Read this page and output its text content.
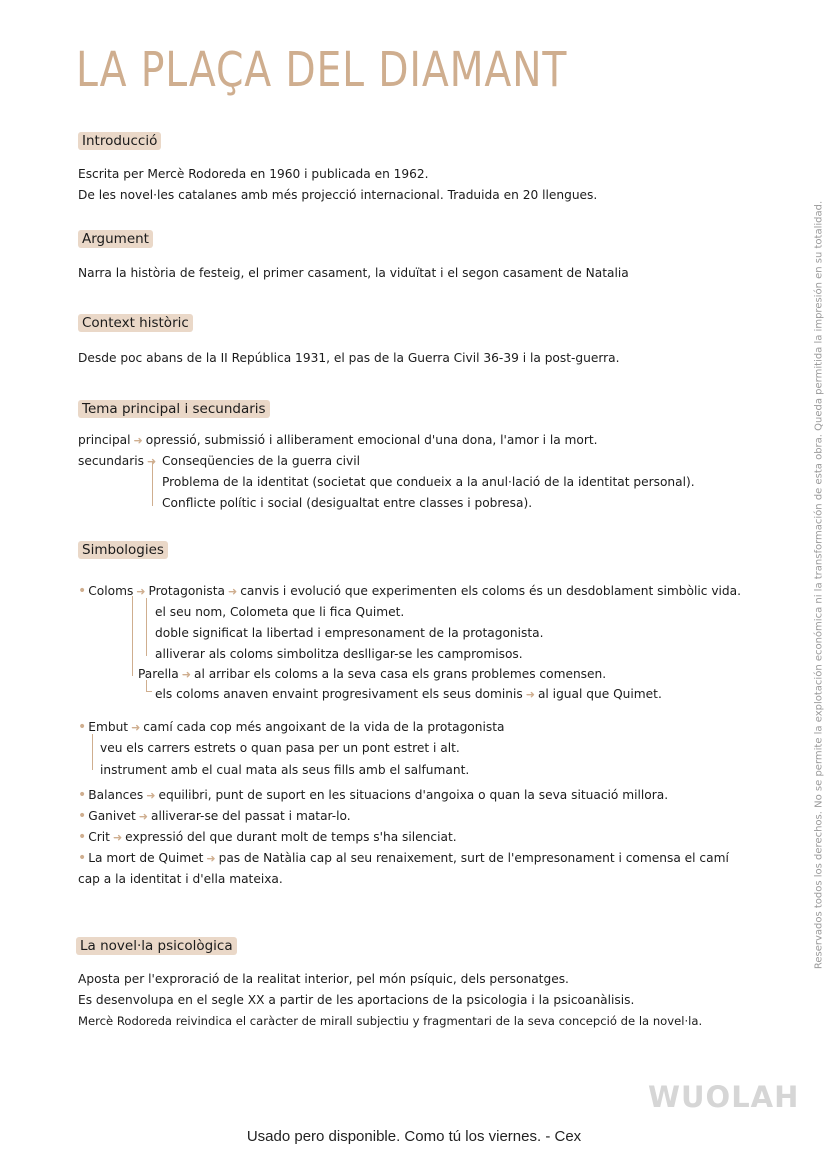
LA PLAÇA DEL DIAMANT
Introducció
Escrita per Mercè Rodoreda en 1960 i publicada en 1962.
De les novel·les catalanes amb més projecció internacional. Traduida en 20 llengues.
Argument
Narra la història de festeig, el primer casament, la viduïtat i el segon casament de Natalia
Context històric
Desde poc abans de la II República 1931, el pas de la Guerra Civil 36-39 i la post-guerra.
Tema principal i secundaris
principal ➜ opressió, submissió i alliberament emocional d'una dona, l'amor i la mort.
secundaris ➜ Conseqüencies de la guerra civil
Problema de la identitat (societat que condueix a la anul·lació de la identitat personal).
Conflicte polític i social (desigualtat entre classes i pobresa).
Simbologies
• Coloms ➜ Protagonista ➜ canvis i evolució que experimenten els coloms és un desdoblament simbòlic vida.
el seu nom, Colometa que li fica Quimet.
doble significat la libertad i empresonament de la protagonista.
alliverar als coloms simbolitza deslligar-se les campromisos.
Parella ➜ al arribar els coloms a la seva casa els grans problemes comensen.
els coloms anaven envaint progresivament els seus dominis ➜ al igual que Quimet.
• Embut ➜ camí cada cop més angoixant de la vida de la protagonista
veu els carrers estrets o quan pasa per un pont estret i alt.
instrument amb el cual mata als seus fills amb el salfumant.
• Balances ➜ equilibri, punt de suport en les situacions d'angoixa o quan la seva situació millora.
• Ganivet ➜ alliverar-se del passat i matar-lo.
• Crit ➜ expressió del que durant molt de temps s'ha silenciat.
• La mort de Quimet ➜ pas de Natàlia cap al seu renaixement, surt de l'empresonament i comensa el camí
cap a la identitat i d'ella mateixa.
La novel·la psicològica
Aposta per l'exproració de la realitat interior, pel món psíquic, dels personatges.
Es desenvolupa en el segle XX a partir de les aportacions de la psicologia i la psicoanàlisis.
Mercè Rodoreda reivindica el caràcter de mirall subjectiu y fragmentari de la seva concepció de la novel·la.
Reservados todos los derechos. No se permite la explotación económica ni la transformación de esta obra. Queda permitida la impresión en su totalidad.
WUOLAH
Usado pero disponible. Como tú los viernes. - Cex
